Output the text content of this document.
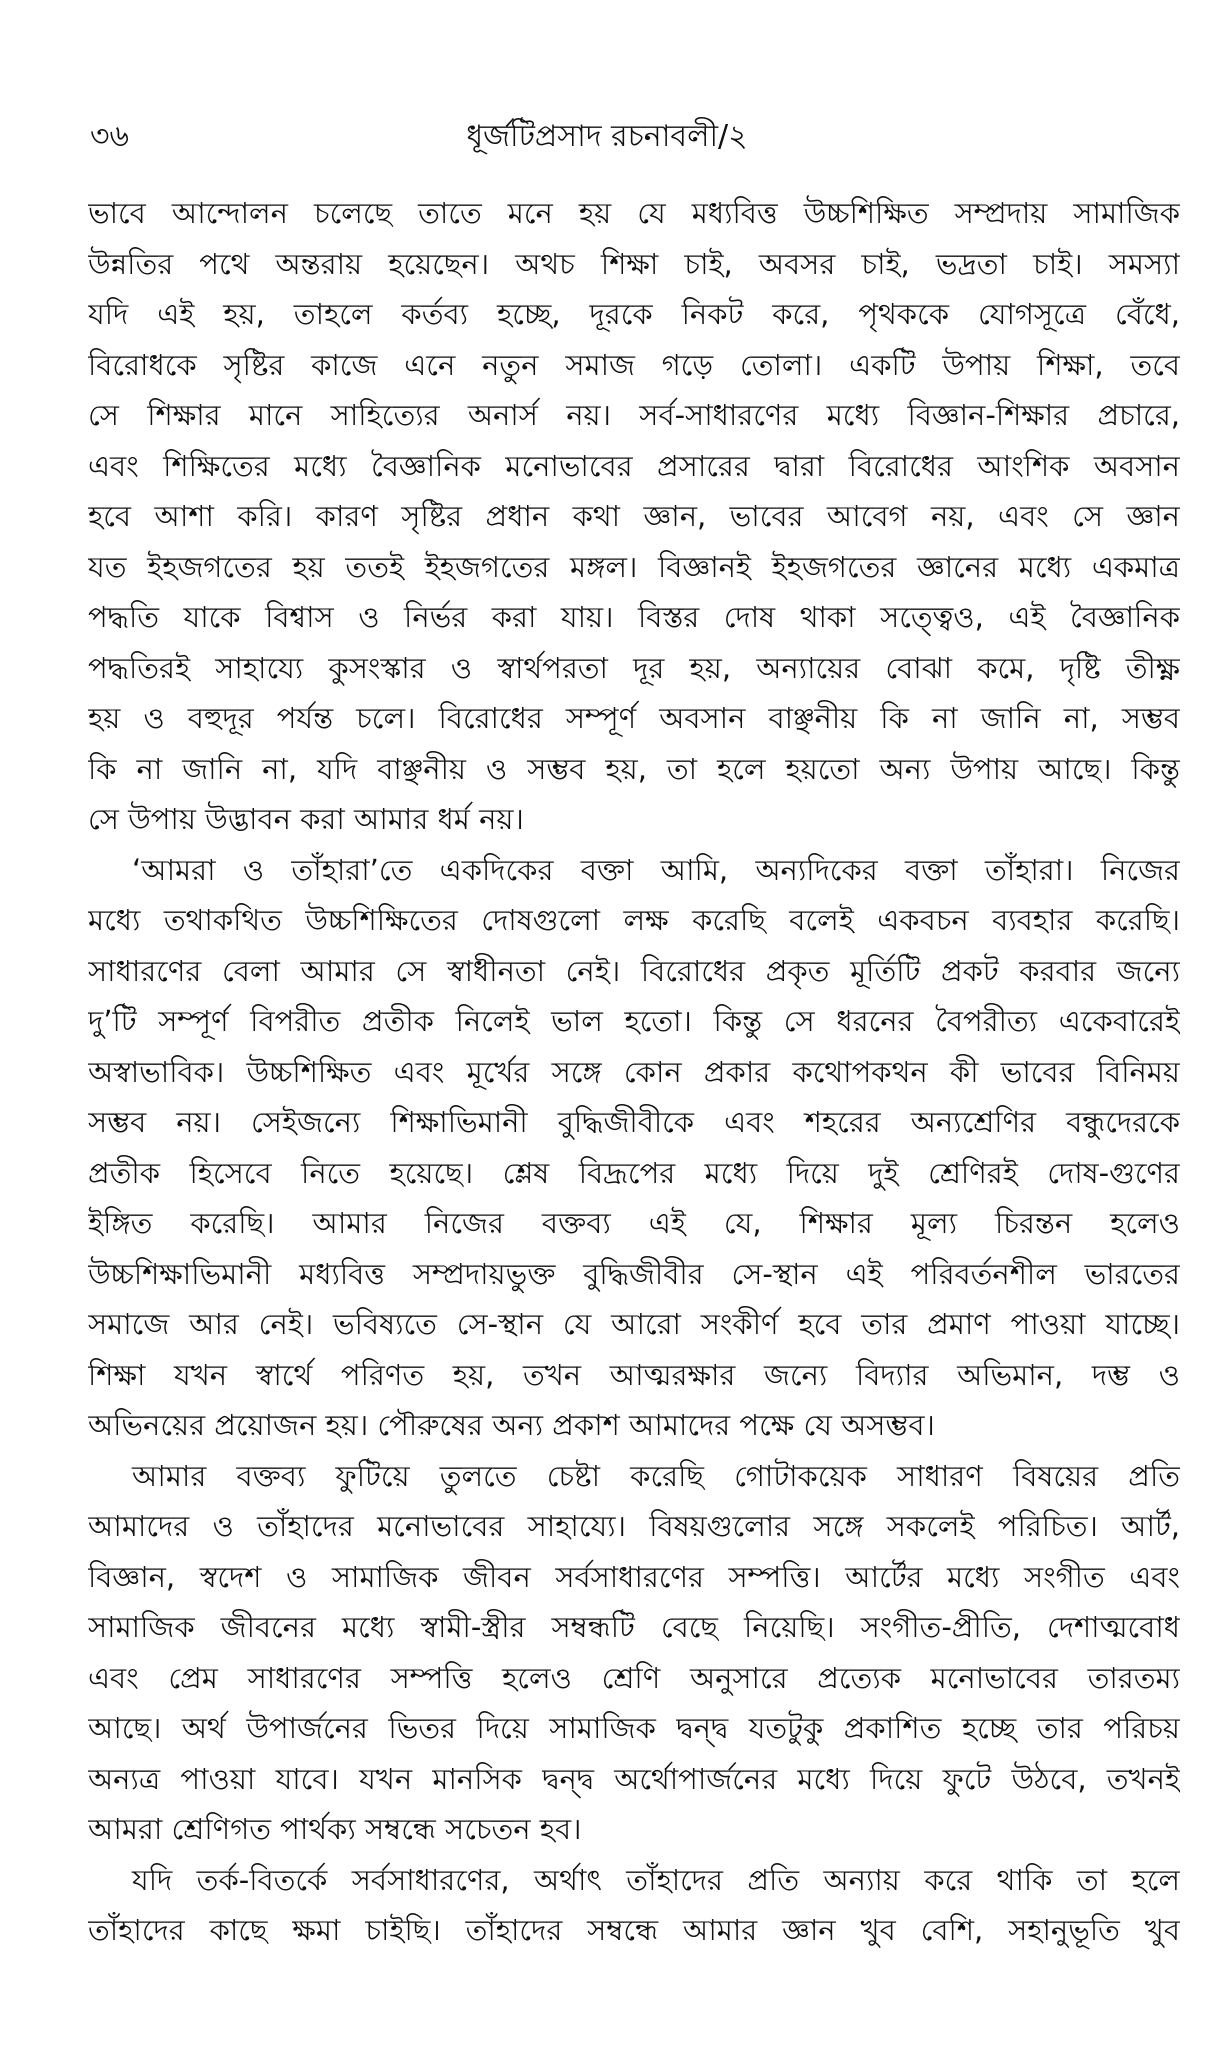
৩৬	ধূর্জটিপ্রসাদ রচনাবলী/২
ভাবে আন্দোলন চলেছে তাতে মনে হয় যে মধ্যবিত্ত উচ্চশিক্ষিত সম্প্রদায় সামাজিক
উন্নতির পথে অন্তরায় হয়েছেন। অথচ শিক্ষা চাই, অবসর চাই, ভদ্রতা চাই। সমস্যা
যদি এই হয়, তাহলে কর্তব্য হচ্ছে, দূরকে নিকট করে, পৃথককে যোগসূত্রে বেঁধে,
বিরোধকে সৃষ্টির কাজে এনে নতুন সমাজ গড়ে তোলা। একটি উপায় শিক্ষা, তবে
সে শিক্ষার মানে সাহিত্যের অনার্স নয়। সর্ব-সাধারণের মধ্যে বিজ্ঞান-শিক্ষার প্রচারে,
এবং শিক্ষিতের মধ্যে বৈজ্ঞানিক মনোভাবের প্রসারের দ্বারা বিরোধের আংশিক অবসান
হবে আশা করি। কারণ সৃষ্টির প্রধান কথা জ্ঞান, ভাবের আবেগ নয়, এবং সে জ্ঞান
যত ইহজগতের হয় ততই ইহজগতের মঙ্গল। বিজ্ঞানই ইহজগতের জ্ঞানের মধ্যে একমাত্র
পদ্ধতি যাকে বিশ্বাস ও নির্ভর করা যায়। বিস্তর দোষ থাকা সত্ত্বেও, এই বৈজ্ঞানিক
পদ্ধতিরই সাহায্যে কুসংস্কার ও স্বার্থপরতা দূর হয়, অন্যায়ের বোঝা কমে, দৃষ্টি তীক্ষ্ণ
হয় ও বহুদূর পর্যন্ত চলে। বিরোধের সম্পূর্ণ অবসান বাঞ্ছনীয় কি না জানি না, সম্ভব
কি না জানি না, যদি বাঞ্ছনীয় ও সম্ভব হয়, তা হলে হয়তো অন্য উপায় আছে। কিন্তু
সে উপায় উদ্ভাবন করা আমার ধর্ম নয়।
‘আমরা ও তাঁহারা’তে একদিকের বক্তা আমি, অন্যদিকের বক্তা তাঁহারা। নিজের
মধ্যে তথাকথিত উচ্চশিক্ষিতের দোষগুলো লক্ষ করেছি বলেই একবচন ব্যবহার করেছি।
সাধারণের বেলা আমার সে স্বাধীনতা নেই। বিরোধের প্রকৃত মূর্তিটি প্রকট করবার জন্যে
দু’টি সম্পূর্ণ বিপরীত প্রতীক নিলেই ভাল হতো। কিন্তু সে ধরনের বৈপরীত্য একেবারেই
অস্বাভাবিক। উচ্চশিক্ষিত এবং মূর্খের সঙ্গে কোন প্রকার কথোপকথন কী ভাবের বিনিময়
সম্ভব নয়। সেইজন্যে শিক্ষাভিমানী বুদ্ধিজীবীকে এবং শহরের অন্যশ্রেণির বন্ধুদেরকে
প্রতীক হিসেবে নিতে হয়েছে। শ্লেষ বিদ্রূপের মধ্যে দিয়ে দুই শ্রেণিরই দোষ-গুণের
ইঙ্গিত করেছি। আমার নিজের বক্তব্য এই যে, শিক্ষার মূল্য চিরন্তন হলেও
উচ্চশিক্ষাভিমানী মধ্যবিত্ত সম্প্রদায়ভুক্ত বুদ্ধিজীবীর সে-স্থান এই পরিবর্তনশীল ভারতের
সমাজে আর নেই। ভবিষ্যতে সে-স্থান যে আরো সংকীর্ণ হবে তার প্রমাণ পাওয়া যাচ্ছে।
শিক্ষা যখন স্বার্থে পরিণত হয়, তখন আত্মরক্ষার জন্যে বিদ্যার অভিমান, দম্ভ ও
অভিনয়ের প্রয়োজন হয়। পৌরুষের অন্য প্রকাশ আমাদের পক্ষে যে অসম্ভব।
আমার বক্তব্য ফুটিয়ে তুলতে চেষ্টা করেছি গোটাকয়েক সাধারণ বিষয়ের প্রতি
আমাদের ও তাঁহাদের মনোভাবের সাহায্যে। বিষয়গুলোর সঙ্গে সকলেই পরিচিত। আর্ট,
বিজ্ঞান, স্বদেশ ও সামাজিক জীবন সর্বসাধারণের সম্পত্তি। আর্টের মধ্যে সংগীত এবং
সামাজিক জীবনের মধ্যে স্বামী-স্ত্রীর সম্বন্ধটি বেছে নিয়েছি। সংগীত-প্রীতি, দেশাত্মবোধ
এবং প্রেম সাধারণের সম্পত্তি হলেও শ্রেণি অনুসারে প্রত্যেক মনোভাবের তারতম্য
আছে। অর্থ উপার্জনের ভিতর দিয়ে সামাজিক দ্বন্দ্ব যতটুকু প্রকাশিত হচ্ছে তার পরিচয়
অন্যত্র পাওয়া যাবে। যখন মানসিক দ্বন্দ্ব অর্থোপার্জনের মধ্যে দিয়ে ফুটে উঠবে, তখনই
আমরা শ্রেণিগত পার্থক্য সম্বন্ধে সচেতন হব।
যদি তর্ক-বিতর্কে সর্বসাধারণের, অর্থাৎ তাঁহাদের প্রতি অন্যায় করে থাকি তা হলে
তাঁহাদের কাছে ক্ষমা চাইছি। তাঁহাদের সম্বন্ধে আমার জ্ঞান খুব বেশি, সহানুভূতি খুব
